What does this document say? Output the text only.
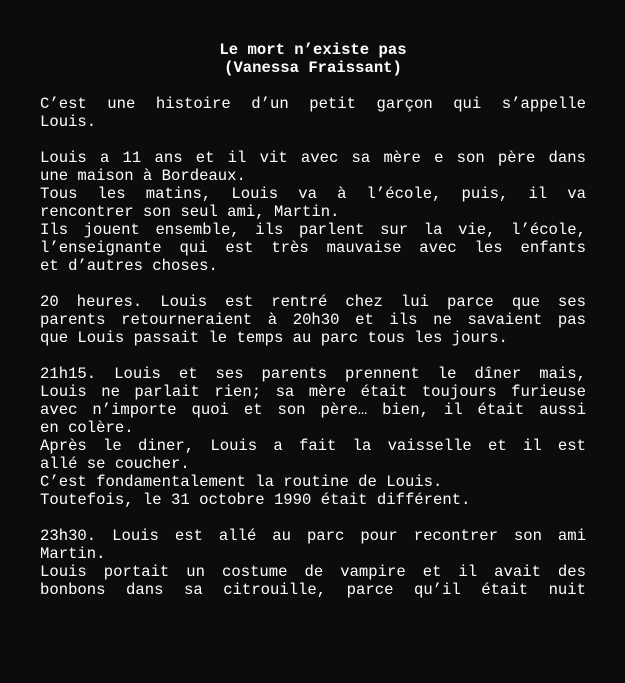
Le mort n’existe pas
(Vanessa Fraissant)
C’est une histoire d’un petit garçon qui s’appelle
Louis.
Louis a 11 ans et il vit avec sa mère e son père dans
une maison à Bordeaux.
Tous les matins, Louis va à l’école, puis, il va
rencontrer son seul ami, Martin.
Ils jouent ensemble, ils parlent sur la vie, l’école,
l’enseignante qui est très mauvaise avec les enfants
et d’autres choses.
20 heures. Louis est rentré chez lui parce que ses
parents retourneraient à 20h30 et ils ne savaient pas
que Louis passait le temps au parc tous les jours.
21h15. Louis et ses parents prennent le dîner mais,
Louis ne parlait rien; sa mère était toujours furieuse
avec n’importe quoi et son père… bien, il était aussi
en colère.
Après le diner, Louis a fait la vaisselle et il est
allé se coucher.
C’est fondamentalement la routine de Louis.
Toutefois, le 31 octobre 1990 était différent.
23h30. Louis est allé au parc pour recontrer son ami
Martin.
Louis portait un costume de vampire et il avait des
bonbons dans sa citrouille, parce qu’il était nuit
